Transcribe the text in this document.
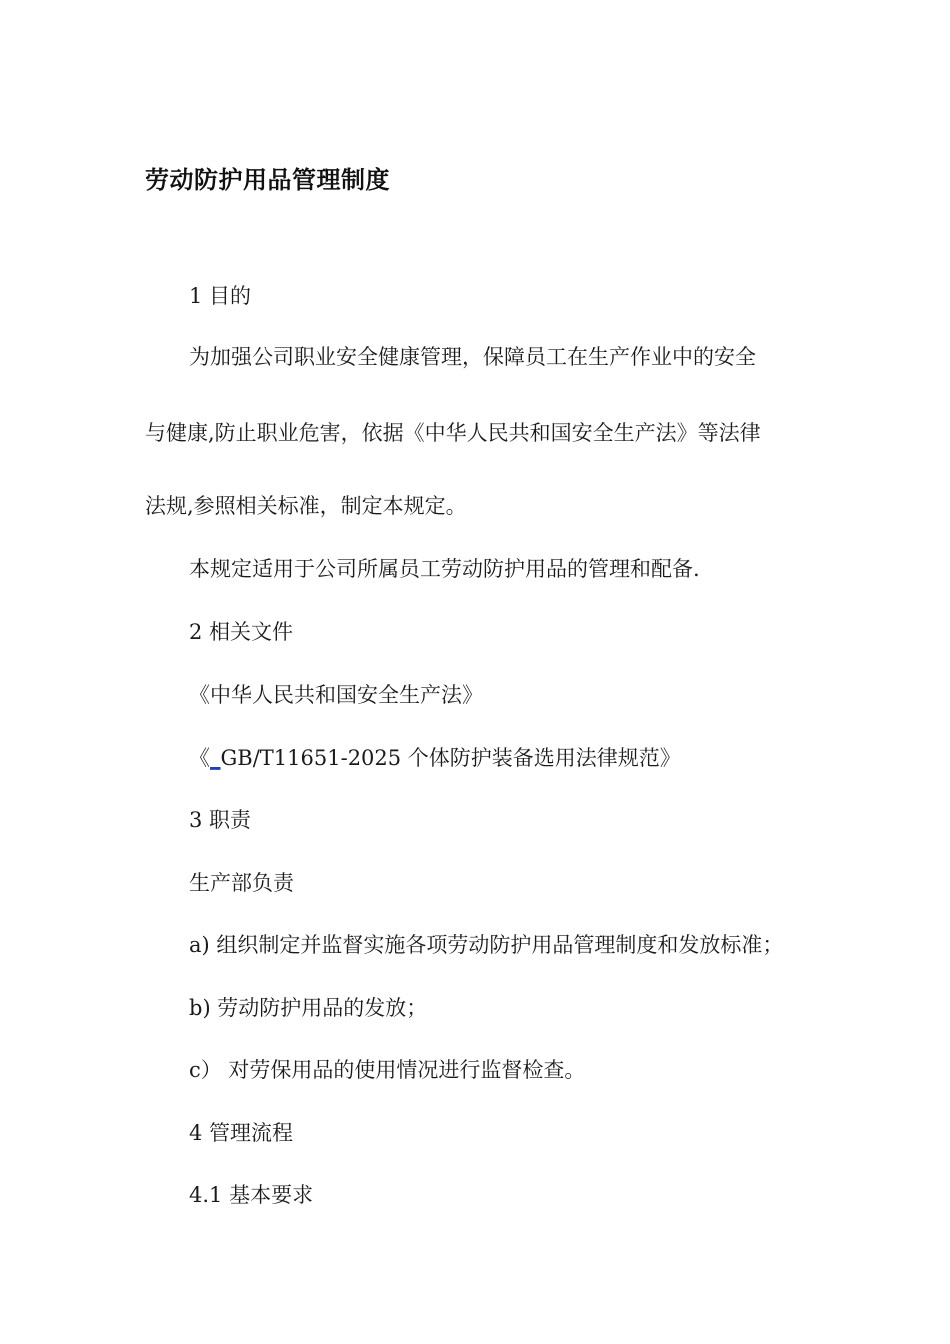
劳动防护用品管理制度

1 目的

为加强公司职业安全健康管理，保障员工在生产作业中的安全

与健康,防止职业危害，依据《中华人民共和国安全生产法》等法律

法规,参照相关标准，制定本规定。

本规定适用于公司所属员工劳动防护用品的管理和配备.

2 相关文件

《中华人民共和国安全生产法》

《_GB/T11651-2025 个体防护装备选用法律规范》

3 职责

生产部负责

a) 组织制定并监督实施各项劳动防护用品管理制度和发放标准；

b) 劳动防护用品的发放；

c） 对劳保用品的使用情况进行监督检查。

4 管理流程

4.1 基本要求
